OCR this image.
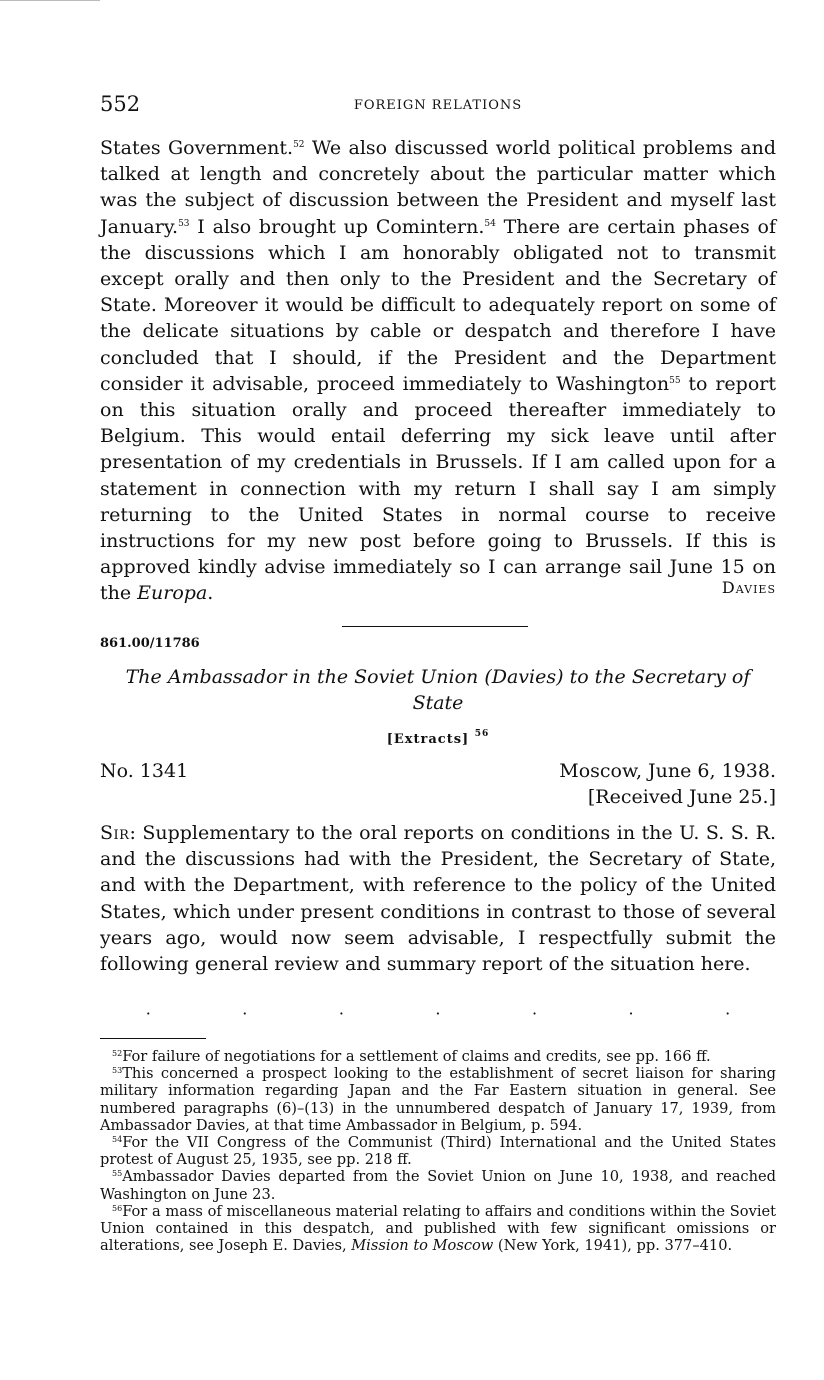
552	FOREIGN RELATIONS
States Government.$^{52}$ We also discussed world political problems and talked at length and concretely about the particular matter which was the subject of discussion between the President and myself last January.$^{53}$ I also brought up Comintern.$^{54}$ There are certain phases of the discussions which I am honorably obligated not to transmit except orally and then only to the President and the Secretary of State. Moreover it would be difficult to adequately report on some of the delicate situations by cable or despatch and therefore I have concluded that I should, if the President and the Department consider it advisable, proceed immediately to Washington$^{55}$ to report on this situation orally and proceed thereafter immediately to Belgium. This would entail deferring my sick leave until after presentation of my credentials in Brussels. If I am called upon for a statement in connection with my return I shall say I am simply returning to the United States in normal course to receive instructions for my new post before going to Brussels. If this is approved kindly advise immediately so I can arrange sail June 15 on the Europa.	Davies
861.00/11786
The Ambassador in the Soviet Union (Davies) to the Secretary of State
[Extracts] $^{56}$
No. 1341	Moscow, June 6, 1938.
[Received June 25.]
Sir: Supplementary to the oral reports on conditions in the U. S. S. R. and the discussions had with the President, the Secretary of State, and with the Department, with reference to the policy of the United States, which under present conditions in contrast to those of several years ago, would now seem advisable, I respectfully submit the following general review and summary report of the situation here.
·	·	·	·	·	·	·

$^{52}$For failure of negotiations for a settlement of claims and credits, see pp. 166 ff.

$^{53}$This concerned a prospect looking to the establishment of secret liaison for sharing military information regarding Japan and the Far Eastern situation in general. See numbered paragraphs (6)–(13) in the unnumbered despatch of January 17, 1939, from Ambassador Davies, at that time Ambassador in Belgium, p. 594.

$^{54}$For the VII Congress of the Communist (Third) International and the United States protest of August 25, 1935, see pp. 218 ff.

$^{55}$Ambassador Davies departed from the Soviet Union on June 10, 1938, and reached Washington on June 23.

$^{56}$For a mass of miscellaneous material relating to affairs and conditions within the Soviet Union contained in this despatch, and published with few significant omissions or alterations, see Joseph E. Davies, Mission to Moscow (New York, 1941), pp. 377–410.
